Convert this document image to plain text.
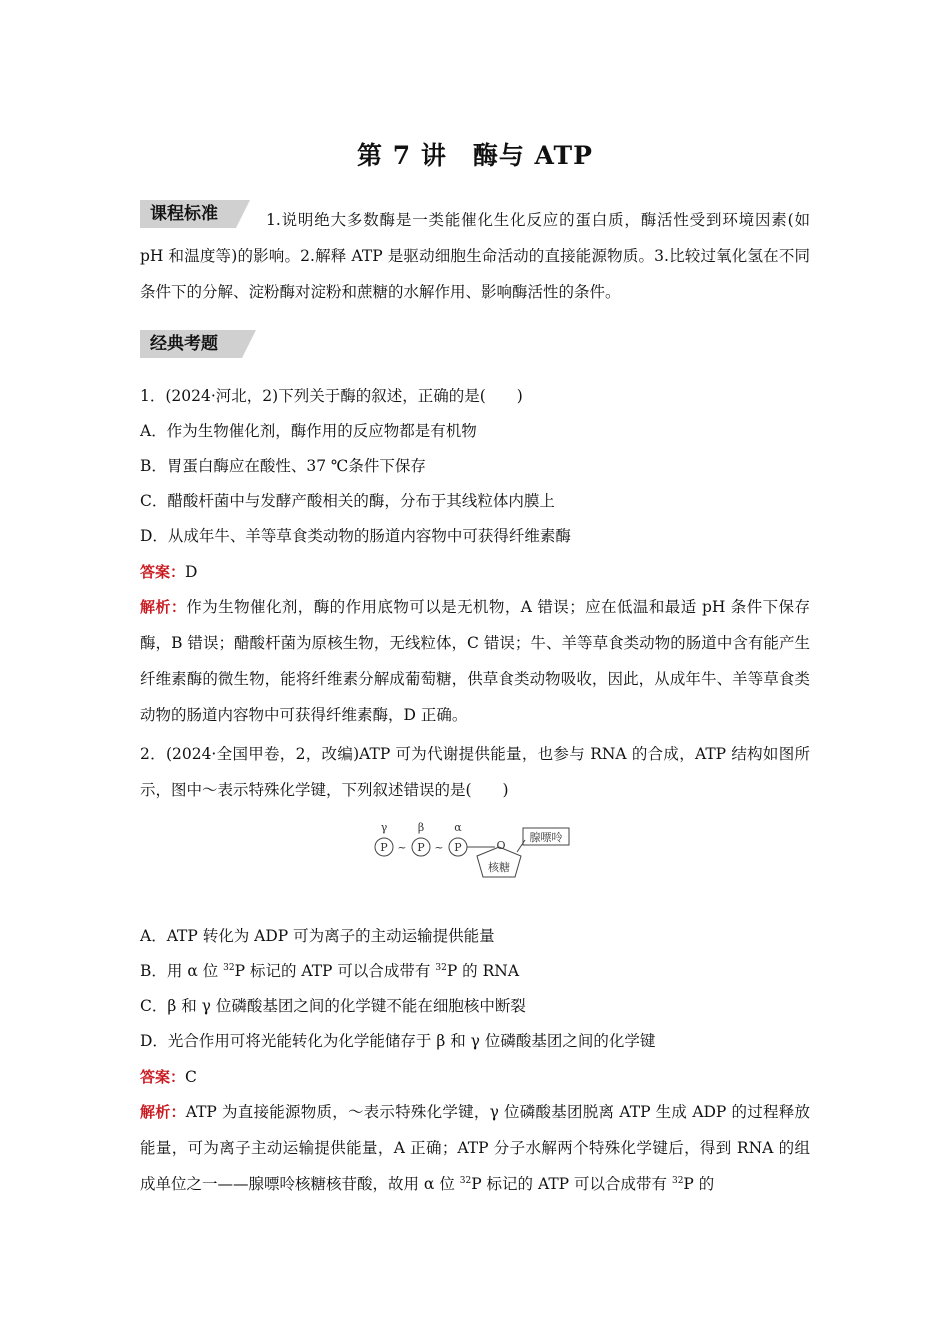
第 7 讲　酶与 ATP
课程标准	1.说明绝大多数酶是一类能催化生化反应的蛋白质，酶活性受到环境因素(如 pH 和温度等)的影响。2.解释 ATP 是驱动细胞生命活动的直接能源物质。3.比较过氧化氢在不同条件下的分解、淀粉酶对淀粉和蔗糖的水解作用、影响酶活性的条件。
经典考题
1．(2024·河北，2)下列关于酶的叙述，正确的是(　　)
A．作为生物催化剂，酶作用的反应物都是有机物
B．胃蛋白酶应在酸性、37 ℃条件下保存
C．醋酸杆菌中与发酵产酸相关的酶，分布于其线粒体内膜上
D．从成年牛、羊等草食类动物的肠道内容物中可获得纤维素酶
答案：D
解析：作为生物催化剂，酶的作用底物可以是无机物，A 错误；应在低温和最适 pH 条件下保存酶，B 错误；醋酸杆菌为原核生物，无线粒体，C 错误；牛、羊等草食类动物的肠道中含有能产生纤维素酶的微生物，能将纤维素分解成葡萄糖，供草食类动物吸收，因此，从成年牛、羊等草食类动物的肠道内容物中可获得纤维素酶，D 正确。
2．(2024·全国甲卷，2，改编)ATP 可为代谢提供能量，也参与 RNA 的合成，ATP 结构如图所示，图中～表示特殊化学键，下列叙述错误的是(　　)
γ	β	α
P	P	P
~	~	O
核糖
腺嘌呤
A．ATP 转化为 ADP 可为离子的主动运输提供能量
B．用 α 位 $^{32}$P 标记的 ATP 可以合成带有 $^{32}$P 的 RNA
C．β 和 γ 位磷酸基团之间的化学键不能在细胞核中断裂
D．光合作用可将光能转化为化学能储存于 β 和 γ 位磷酸基团之间的化学键
答案：C
解析：ATP 为直接能源物质，～表示特殊化学键，γ 位磷酸基团脱离 ATP 生成 ADP 的过程释放能量，可为离子主动运输提供能量，A 正确；ATP 分子水解两个特殊化学键后，得到 RNA 的组成单位之一——腺嘌呤核糖核苷酸，故用 α 位 $^{32}$P 标记的 ATP 可以合成带有 $^{32}$P 的
